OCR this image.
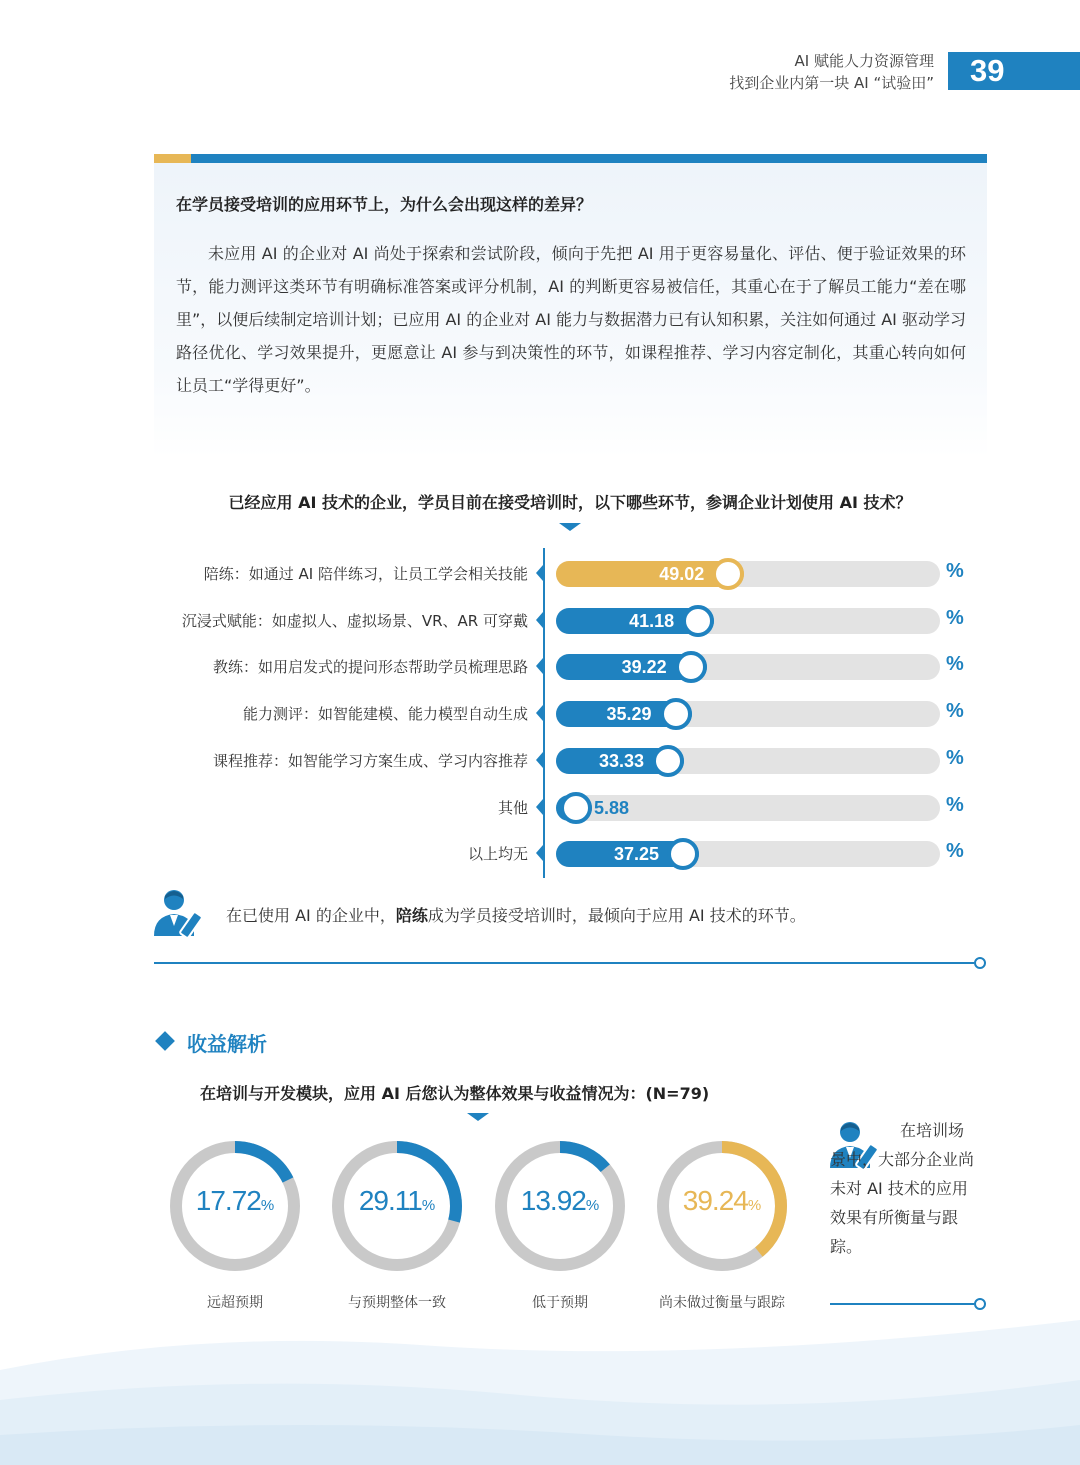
AI 赋能人力资源管理
找到企业内第一块 AI “试验田”	39
在学员接受培训的应用环节上，为什么会出现这样的差异？
未应用 AI 的企业对 AI 尚处于探索和尝试阶段，倾向于先把 AI 用于更容易量化、评估、便于验证效果的环节，能力测评这类环节有明确标准答案或评分机制，AI 的判断更容易被信任，其重心在于了解员工能力“差在哪里”，以便后续制定培训计划；已应用 AI 的企业对 AI 能力与数据潜力已有认知积累，关注如何通过 AI 驱动学习路径优化、学习效果提升，更愿意让 AI 参与到决策性的环节，如课程推荐、学习内容定制化，其重心转向如何让员工“学得更好”。
已经应用 AI 技术的企业，学员目前在接受培训时，以下哪些环节，参调企业计划使用 AI 技术？
陪练：如通过 AI 陪伴练习，让员工学会相关技能	49.02	%
沉浸式赋能：如虚拟人、虚拟场景、VR、AR 可穿戴	41.18	%
教练：如用启发式的提问形态帮助学员梳理思路	39.22	%
能力测评：如智能建模、能力模型自动生成	35.29	%
课程推荐：如智能学习方案生成、学习内容推荐	33.33	%
其他	5.88	%
以上均无	37.25	%
在已使用 AI 的企业中，陪练成为学员接受培训时，最倾向于应用 AI 技术的环节。
收益解析
在培训与开发模块，应用 AI 后您认为整体效果与收益情况为：(N=79)
17.72%
远超预期
29.11%
与预期整体一致
13.92%
低于预期
39.24%
尚未做过衡量与跟踪
在培训场
景中，大部分企业尚未对 AI 技术的应用效果有所衡量与跟踪。
